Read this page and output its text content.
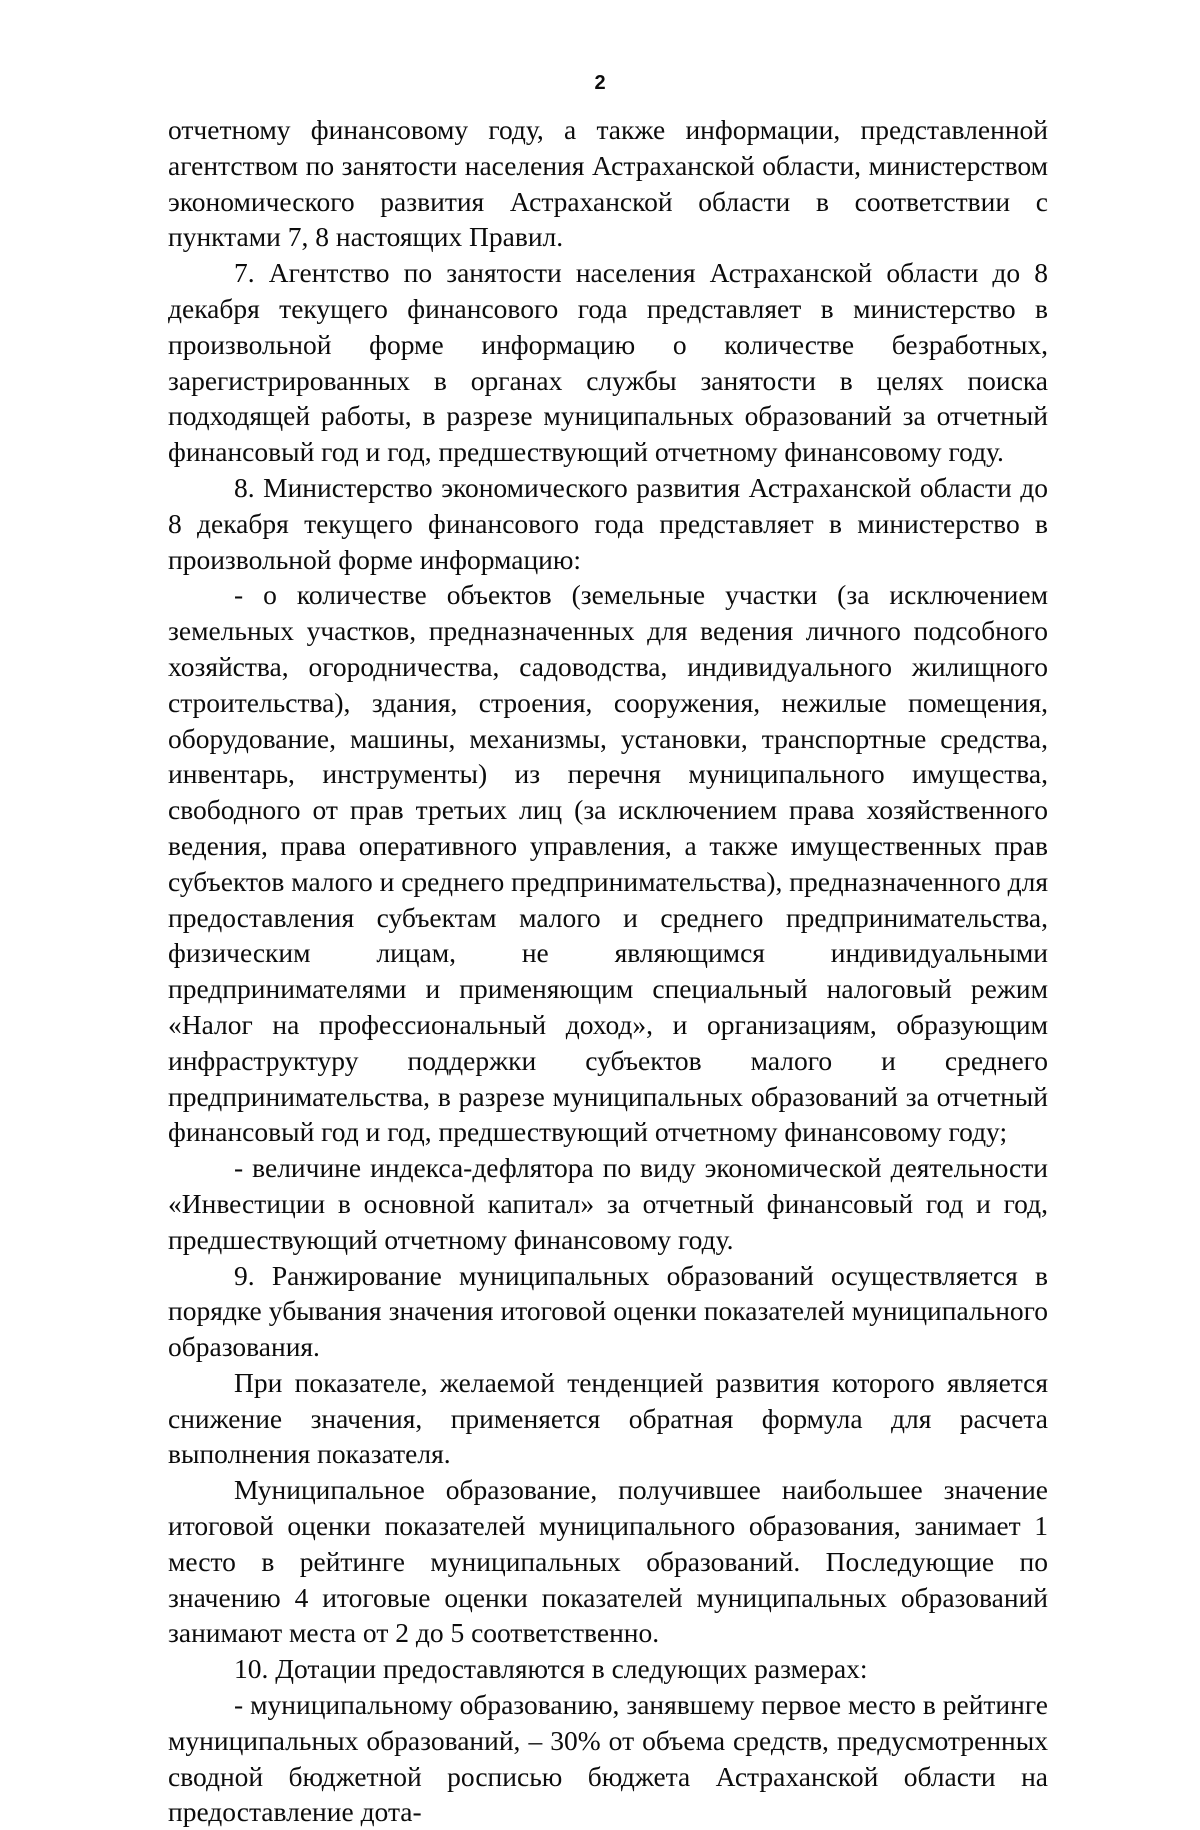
2

отчетному финансовому году, а также информации, представленной агентством по занятости населения Астраханской области, министерством экономического развития Астраханской области в соответствии с пунктами 7, 8 настоящих Правил.

7. Агентство по занятости населения Астраханской области до 8 декабря текущего финансового года представляет в министерство в произвольной форме информацию о количестве безработных, зарегистрированных в органах службы занятости в целях поиска подходящей работы, в разрезе муниципальных образований за отчетный финансовый год и год, предшествующий отчетному финансовому году.

8. Министерство экономического развития Астраханской области до 8 декабря текущего финансового года представляет в министерство в произвольной форме информацию:

- о количестве объектов (земельные участки (за исключением земельных участков, предназначенных для ведения личного подсобного хозяйства, огородничества, садоводства, индивидуального жилищного строительства), здания, строения, сооружения, нежилые помещения, оборудование, машины, механизмы, установки, транспортные средства, инвентарь, инструменты) из перечня муниципального имущества, свободного от прав третьих лиц (за исключением права хозяйственного ведения, права оперативного управления, а также имущественных прав субъектов малого и среднего предпринимательства), предназначенного для предоставления субъектам малого и среднего предпринимательства, физическим лицам, не являющимся индивидуальными предпринимателями и применяющим специальный налоговый режим «Налог на профессиональный доход», и организациям, образующим инфраструктуру поддержки субъектов малого и среднего предпринимательства, в разрезе муниципальных образований за отчетный финансовый год и год, предшествующий отчетному финансовому году;

- величине индекса-дефлятора по виду экономической деятельности «Инвестиции в основной капитал» за отчетный финансовый год и год, предшествующий отчетному финансовому году.

9. Ранжирование муниципальных образований осуществляется в порядке убывания значения итоговой оценки показателей муниципального образования.

При показателе, желаемой тенденцией развития которого является снижение значения, применяется обратная формула для расчета выполнения показателя.

Муниципальное образование, получившее наибольшее значение итоговой оценки показателей муниципального образования, занимает 1 место в рейтинге муниципальных образований. Последующие по значению 4 итоговые оценки показателей муниципальных образований занимают места от 2 до 5 соответственно.

10. Дотации предоставляются в следующих размерах:

- муниципальному образованию, занявшему первое место в рейтинге муниципальных образований, – 30% от объема средств, предусмотренных сводной бюджетной росписью бюджета Астраханской области на предоставление дота-
